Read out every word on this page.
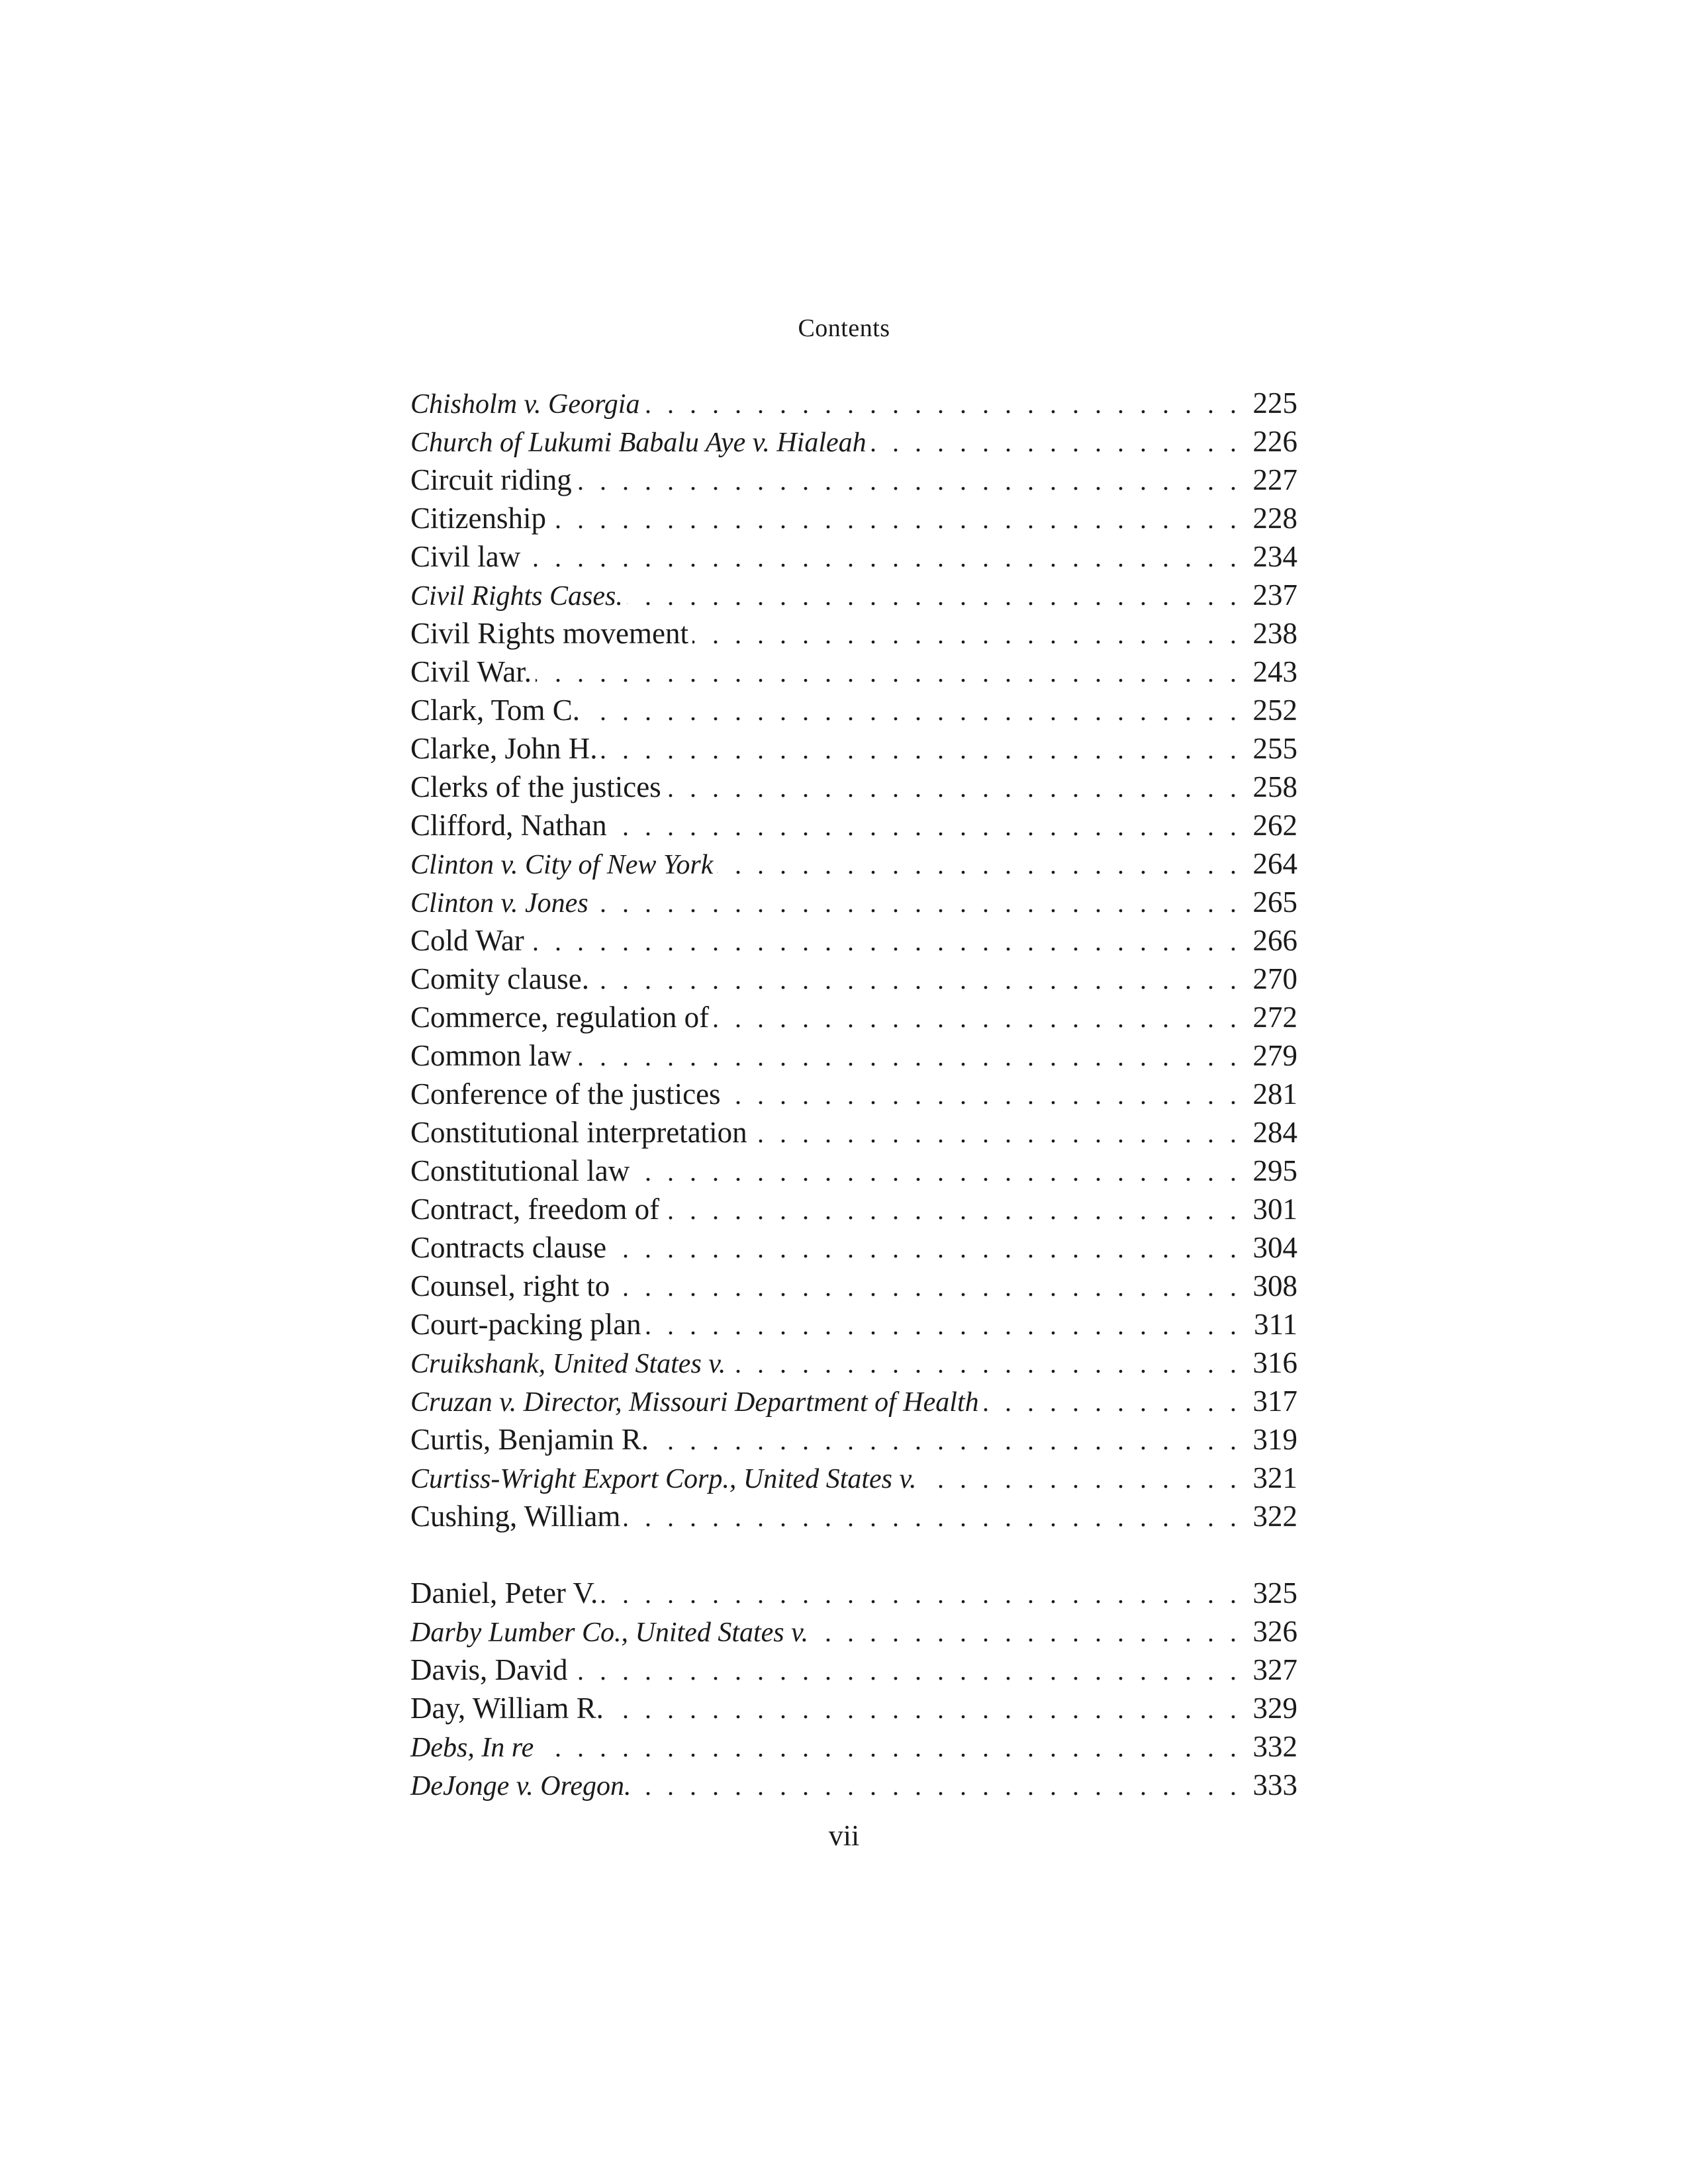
Contents
Chisholm v. Georgia . . .	225
Church of Lukumi Babalu Aye v. Hialeah . . .	226
Circuit riding . . .	227
Citizenship . . .	228
Civil law . . .	234
Civil Rights Cases. . . .	237
Civil Rights movement . . .	238
Civil War. . . .	243
Clark, Tom C. . . .	252
Clarke, John H. . . .	255
Clerks of the justices . . .	258
Clifford, Nathan . . .	262
Clinton v. City of New York . . .	264
Clinton v. Jones . . .	265
Cold War . . .	266
Comity clause. . . .	270
Commerce, regulation of . . .	272
Common law . . .	279
Conference of the justices . . .	281
Constitutional interpretation . . .	284
Constitutional law . . .	295
Contract, freedom of . . .	301
Contracts clause . . .	304
Counsel, right to . . .	308
Court-packing plan . . .	311
Cruikshank, United States v. . . .	316
Cruzan v. Director, Missouri Department of Health . . .	317
Curtis, Benjamin R. . . .	319
Curtiss-Wright Export Corp., United States v. . . .	321
Cushing, William . . .	322
Daniel, Peter V. . . .	325
Darby Lumber Co., United States v. . . .	326
Davis, David . . .	327
Day, William R. . . .	329
Debs, In re . . .	332
DeJonge v. Oregon. . . .	333
vii
